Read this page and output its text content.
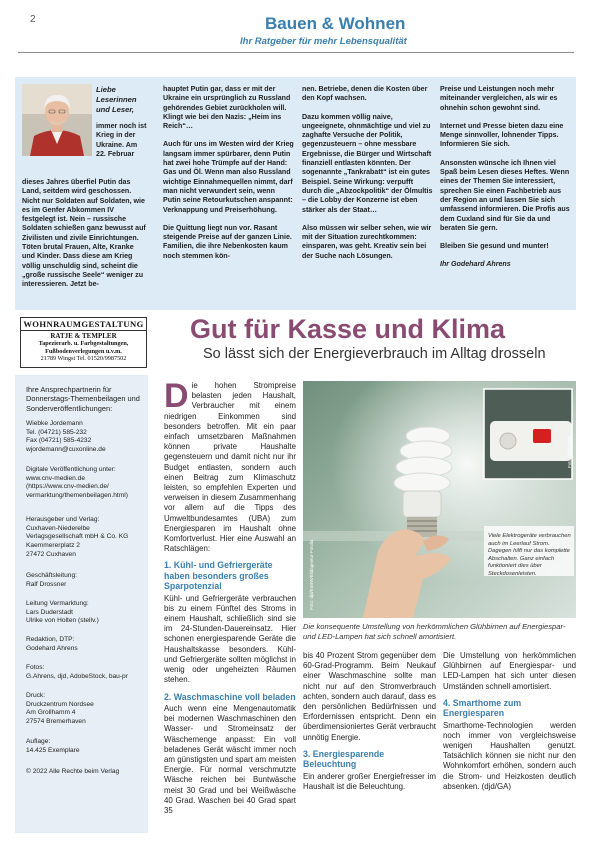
2	Bauen & Wohnen
Ihr Ratgeber für mehr Lebensqualität
Liebe Leserinnen und Leser,
immer noch ist Krieg in der Ukraine. Am 22. Februar
dieses Jahres überfiel Putin das Land, seitdem wird geschossen. Nicht nur Soldaten auf Soldaten, wie es im Genfer Abkommen IV festgelegt ist. Nein – russische Soldaten schießen ganz bewusst auf Zivilisten und zivile Einrichtungen. Töten brutal Frauen, Alte, Kranke und Kinder. Dass diese am Krieg völlig unschuldig sind, scheint die „große russische Seele“ weniger zu interessieren. Jetzt be-

hauptet Putin gar, dass er mit der Ukraine ein ursprünglich zu Russland gehörendes Gebiet zurückholen will. Klingt wie bei den Nazis: „Heim ins Reich“…

Auch für uns im Westen wird der Krieg langsam immer spürbarer, denn Putin hat zwei hohe Trümpfe auf der Hand: Gas und Öl. Wenn man also Russland wichtige Einnahmequellen nimmt, darf man nicht verwundert sein, wenn Putin seine Retourkutschen anspannt: Verknappung und Preiserhöhung.

Die Quittung liegt nun vor. Rasant steigende Preise auf der ganzen Linie. Familien, die ihre Nebenkosten kaum noch stemmen kön-

nen. Betriebe, denen die Kosten über den Kopf wachsen.

Dazu kommen völlig naive, ungeeignete, ohnmächtige und viel zu zaghafte Versuche der Politik, gegenzusteuern – ohne messbare Ergebnisse, die Bürger und Wirtschaft finanziell entlasten könnten. Der sogenannte „Tankrabatt“ ist ein gutes Beispiel. Seine Wirkung: verpufft durch die „Abzockpolitik“ der Ölmultis – die Lobby der Konzerne ist eben stärker als der Staat…

Also müssen wir selber sehen, wie wir mit der Situation zurechtkommen: einsparen, was geht. Kreativ sein bei der Suche nach Lösungen.

Preise und Leistungen noch mehr miteinander vergleichen, als wir es ohnehin schon gewohnt sind.

Internet und Presse bieten dazu eine Menge sinnvoller, lohnender Tipps. Informieren Sie sich.

Ansonsten wünsche ich Ihnen viel Spaß beim Lesen dieses Heftes. Wenn eines der Themen Sie interessiert, sprechen Sie einen Fachbetrieb aus der Region an und lassen Sie sich umfassend informieren. Die Profis aus dem Cuxland sind für Sie da und beraten Sie gern.

Bleiben Sie gesund und munter!

Ihr Godehard Ahrens

WOHNRAUMGESTALTUNG
RATJE & TEMPLER
Tapezierarb. u. Farbgestaltungen, Fußbodenverlegungen u.v.m.
21789 Wingst Tel. 01520/9987502
Gut für Kasse und Klima
So lässt sich der Energieverbrauch im Alltag drosseln
Ihre Ansprechpartnerin für Donnerstags-Themenbeilagen und Sonderveröffentlichungen:
Wiebke Jordemann
Tel. (04721) 585-232
Fax (04721) 585-4232
wjordemann@cuxonline.de
Digitale Veröffentlichung unter:
www.cnv-medien.de
(https://www.cnv-medien.de/
vermarktung/themenbeilagen.html)
Herausgeber und Verlag:
Cuxhaven-Niederelbe
Verlagsgesellschaft mbH & Co. KG
Kaemmererplatz 2
27472 Cuxhaven
Geschäftsleitung:
Ralf Drossner
Leitung Vermarktung:
Lars Duderstadt
Ulrike von Holten (stellv.)
Redaktion, DTP:
Godehard Ahrens
Fotos:
G.Ahrens, djd, AdobeStock, bau-pr
Druck:
Druckzentrum Nordsee
Am Grollhamm 4
27574 Bremerhaven
Auflage:
14.425 Exemplare
© 2022 Alle Rechte beim Verlag
Die hohen Strompreise belasten jeden Haushalt, Verbraucher mit einem niedrigen Einkommen sind besonders betroffen. Mit ein paar einfach umsetzbaren Maßnahmen können private Haushalte gegensteuern und damit nicht nur ihr Budget entlasten, sondern auch einen Beitrag zum Klimaschutz leisten, so empfehlen Experten und verweisen in diesem Zusammenhang vor allem auf die Tipps des Umweltbundesamtes (UBA) zum Energiesparen im Haushalt ohne Komfortverlust. Hier eine Auswahl an Ratschlägen:
1. Kühl- und Gefriergeräte haben besonders großes Sparpotenzial
Kühl- und Gefriergeräte verbrauchen bis zu einem Fünftel des Stroms in einem Haushalt, schließlich sind sie im 24-Stunden-Dauereinsatz. Hier schonen energiesparende Geräte die Haushaltskasse besonders. Kühl- und Gefriergeräte sollten möglichst in wenig oder ungeheizten Räumen stehen.
2. Waschmaschine voll beladen
Auch wenn eine Mengenautomatik bei modernen Waschmaschinen den Wasser- und Stromeinsatz der Wäschemenge anpasst: Ein voll beladenes Gerät wäscht immer noch am günstigsten und spart am meisten Energie. Für normal verschmutzte Wäsche reichen bei Buntwäsche meist 30 Grad und bei Weißwäsche 40 Grad. Waschen bei 40 Grad spart 35
Viele Elektrogeräte verbrauchen auch im Leerlauf Strom. Dagegen hilft nur das komplette Abschalten. Ganz einfach funktioniert dies über Steckdosenleisten.
Foto: djd/EnBW/Bildagentur-Fotolia
Foto: djd/EnBW
Die konsequente Umstellung von herkömmlichen Glühbirnen auf Energiespar- und LED-Lampen hat sich schnell amortisiert.
bis 40 Prozent Strom gegenüber dem 60-Grad-Programm. Beim Neukauf einer Waschmaschine sollte man nicht nur auf den Stromverbrauch achten, sondern auch darauf, dass es den persönlichen Bedürfnissen und Erfordernissen entspricht. Denn ein überdimensioniertes Gerät verbraucht unnötig Energie.
3. Energiesparende Beleuchtung
Ein anderer großer Energiefresser im Haushalt ist die Beleuchtung.
Die Umstellung von herkömmlichen Glühbirnen auf Energiespar- und LED-Lampen hat sich unter diesen Umständen schnell amortisiert.
4. Smarthome zum Energiesparen
Smarthome-Technologien werden noch immer von vergleichsweise wenigen Haushalten genutzt. Tatsächlich können sie nicht nur den Wohnkomfort erhöhen, sondern auch die Strom- und Heizkosten deutlich absenken. (djd/GA)
